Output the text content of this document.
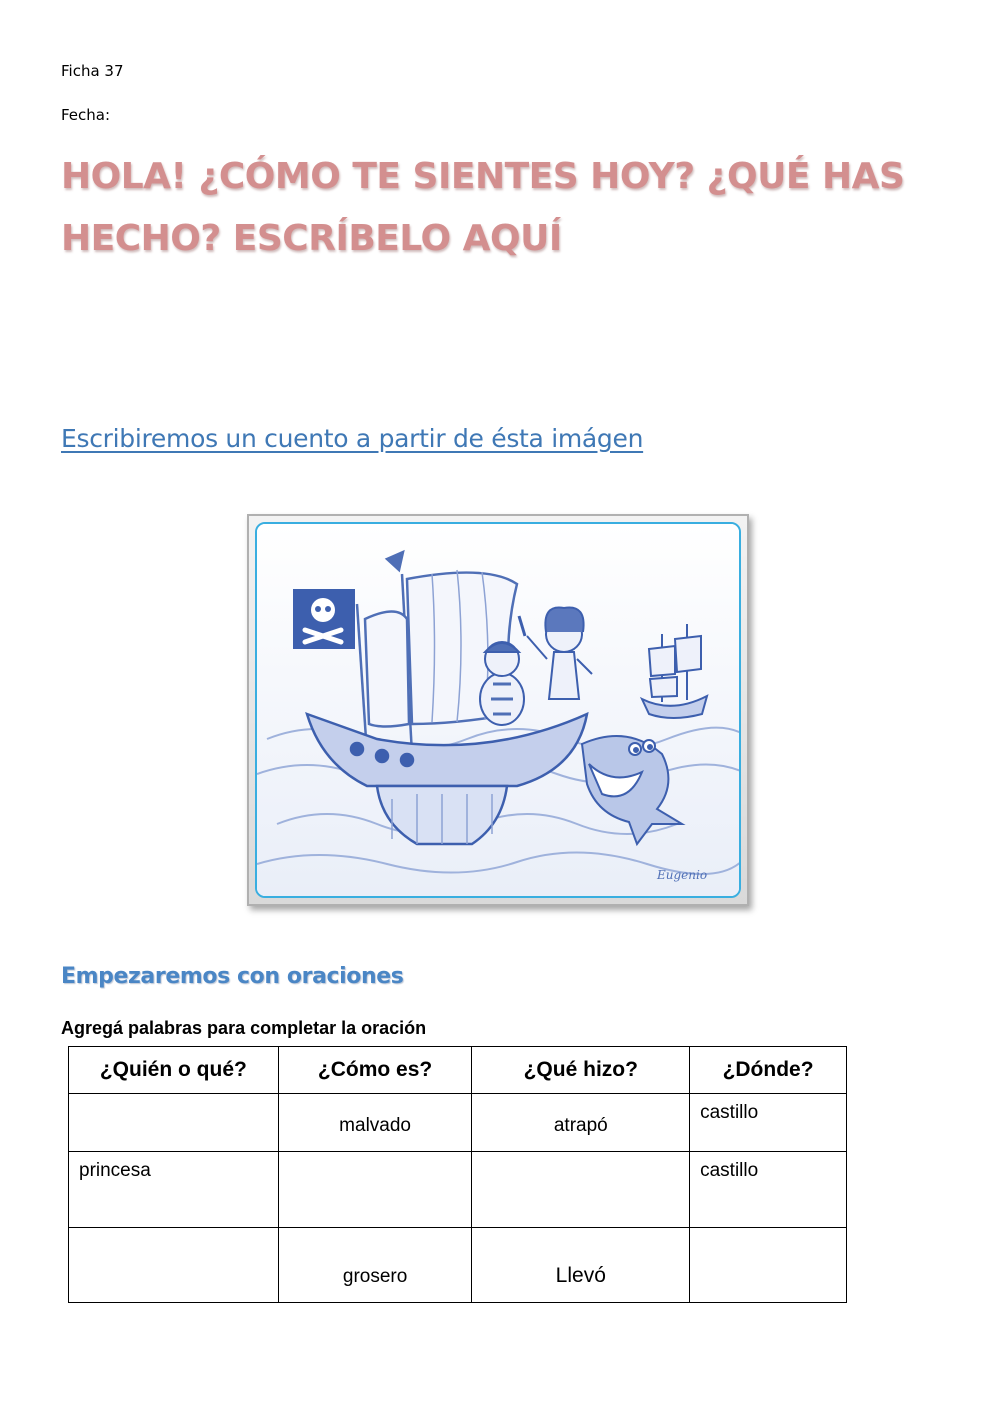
Ficha 37
Fecha:
HOLA! ¿CÓMO TE SIENTES HOY? ¿QUÉ HAS
HECHO? ESCRÍBELO AQUÍ
Escribiremos un cuento a partir de ésta imágen
Eugenio
Empezaremos con oraciones
Agregá palabras para completar la oración
¿Quién o qué?	¿Cómo es?	¿Qué hizo?	¿Dónde?
	malvado	atrapó	castillo
princesa			castillo
	grosero	Llevó	
